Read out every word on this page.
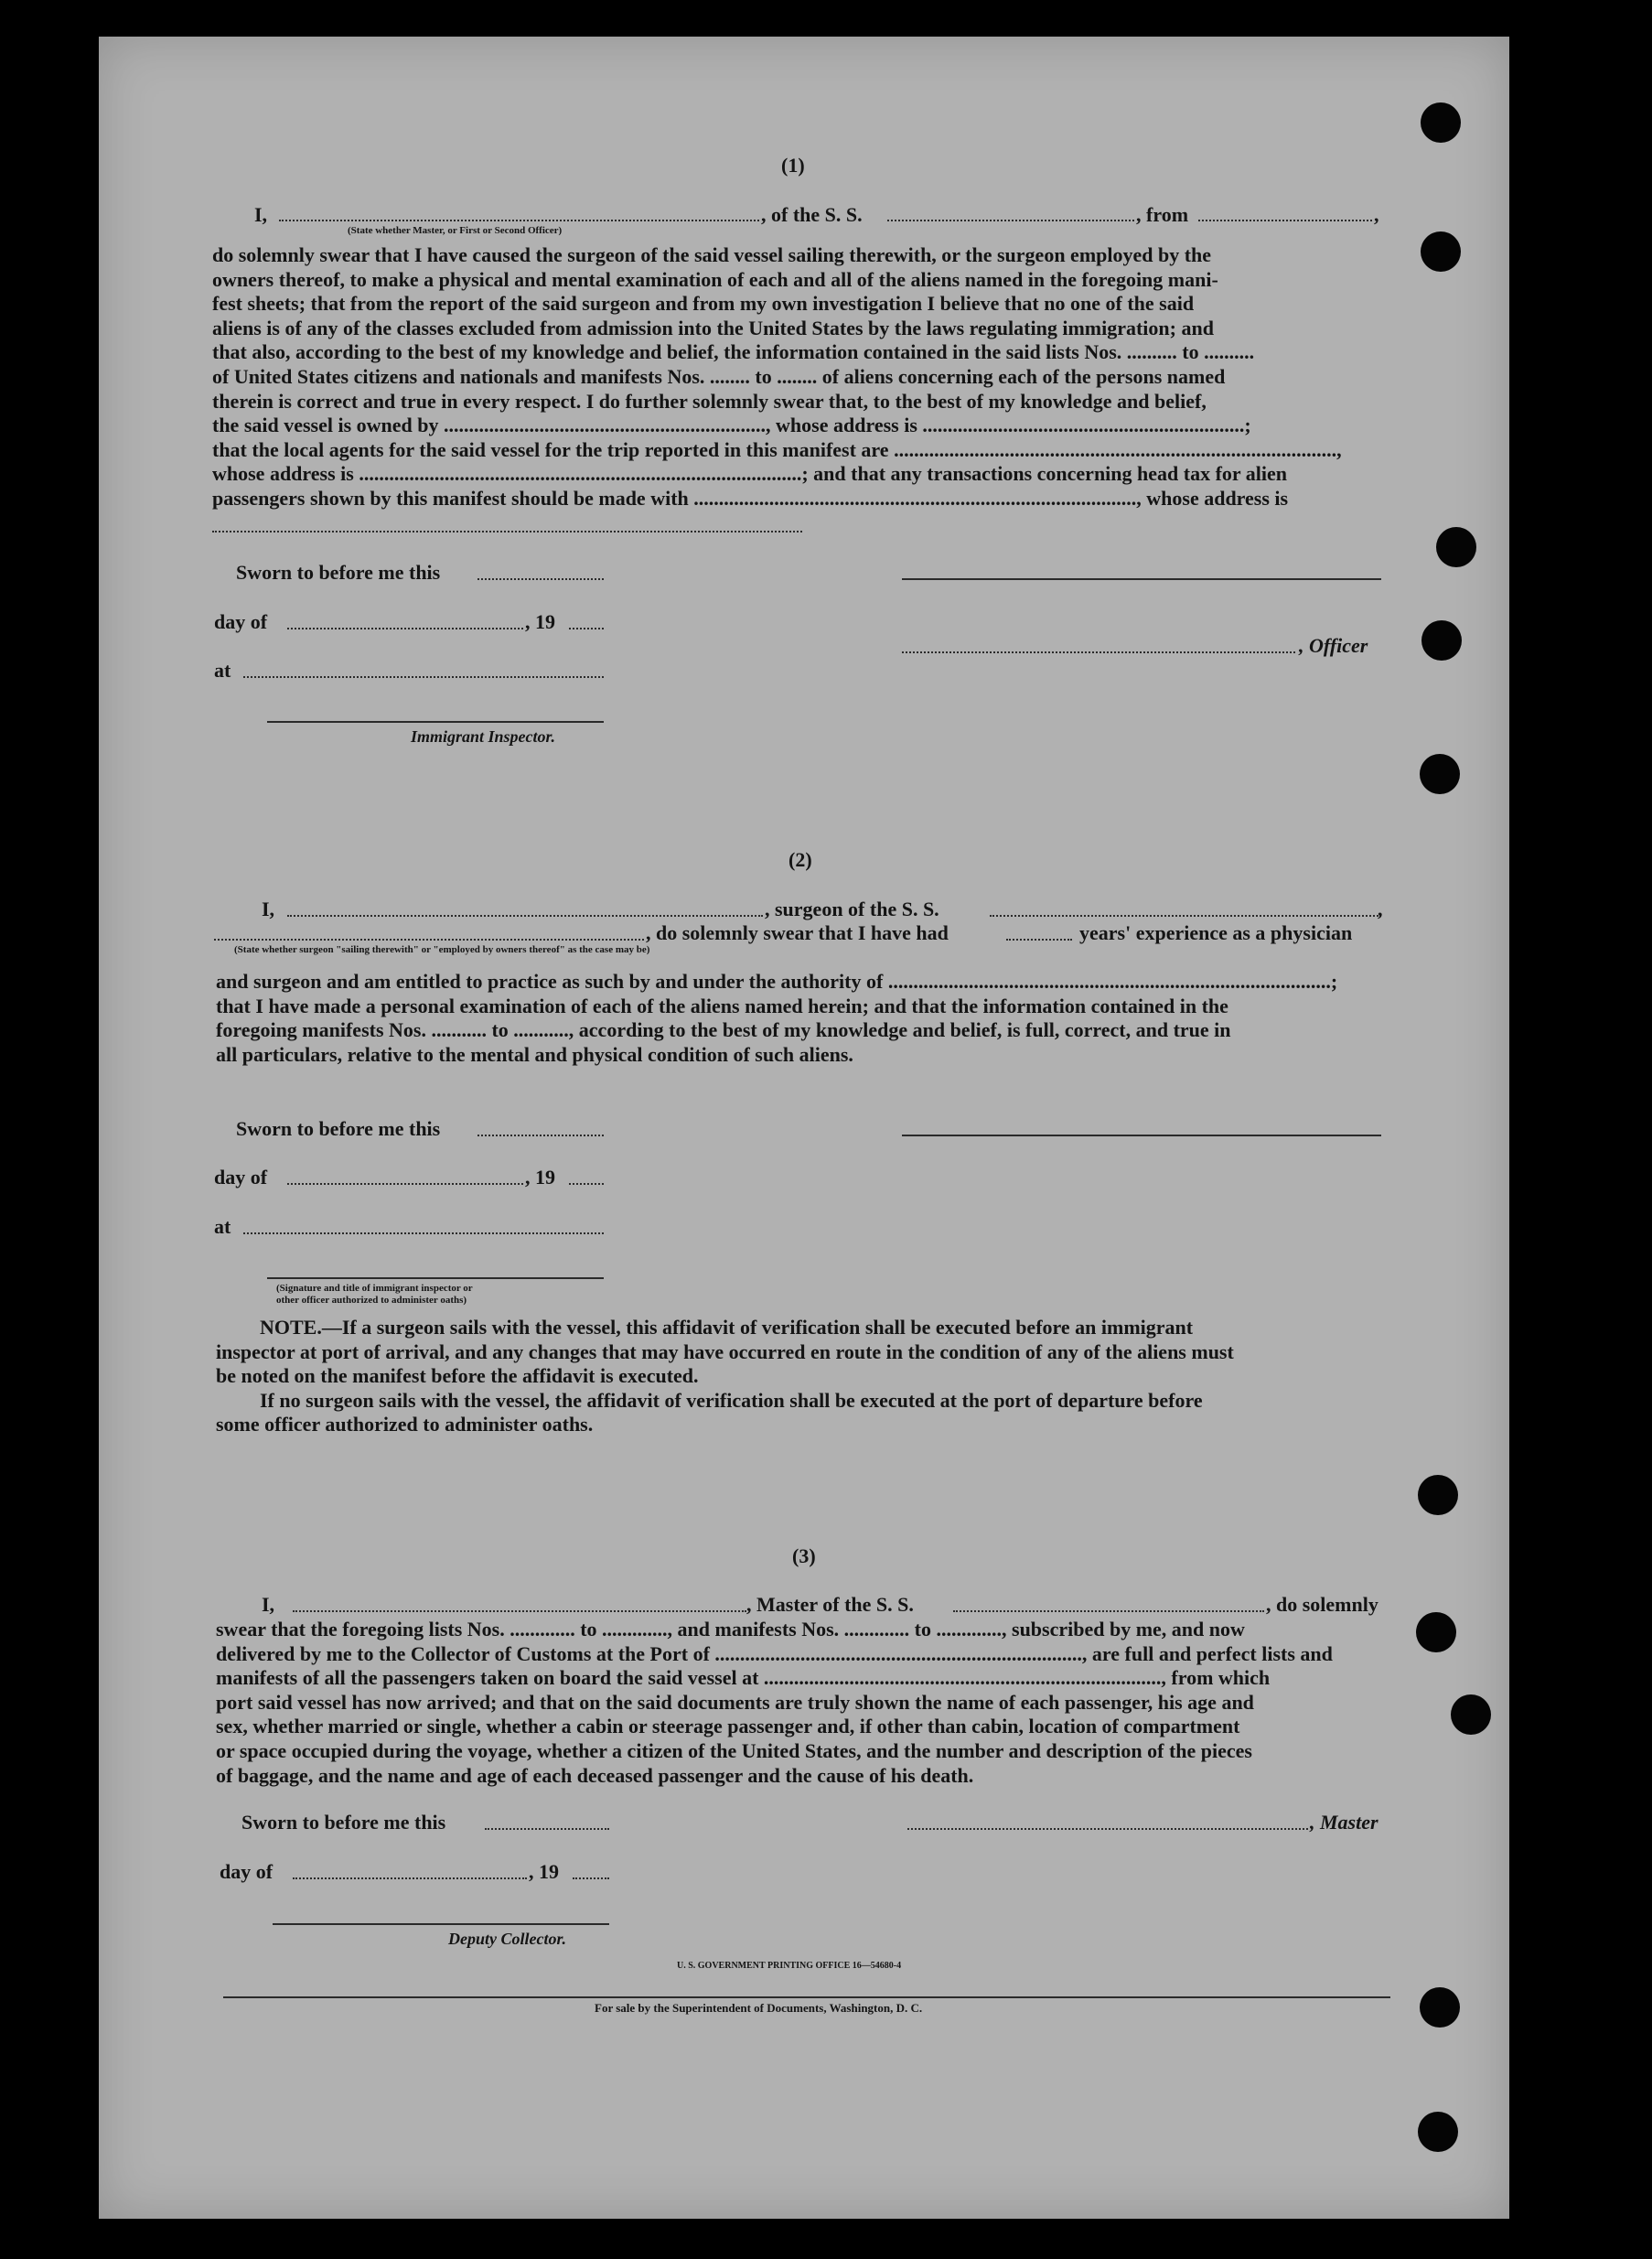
(1)
I,
(State whether Master, or First or Second Officer)
, of the S. S.	, from	,
do solemnly swear that I have caused the surgeon of the said vessel sailing therewith, or the surgeon employed by the
owners thereof, to make a physical and mental examination of each and all of the aliens named in the foregoing mani-
fest sheets; that from the report of the said surgeon and from my own investigation I believe that no one of the said
aliens is of any of the classes excluded from admission into the United States by the laws regulating immigration; and
that also, according to the best of my knowledge and belief, the information contained in the said lists Nos. .......... to ..........
of United States citizens and nationals and manifests Nos. ........ to ........ of aliens concerning each of the persons named
therein is correct and true in every respect. I do further solemnly swear that, to the best of my knowledge and belief,
the said vessel is owned by ................................................................, whose address is ................................................................;
that the local agents for the said vessel for the trip reported in this manifest are ........................................................................................,
whose address is ........................................................................................; and that any transactions concerning head tax for alien
passengers shown by this manifest should be made with ........................................................................................, whose address is
Sworn to before me this
day of	, 19
, Officer
at
Immigrant Inspector.
(2)
I,	, surgeon of the S. S.	,
, do solemnly swear that I have had	years' experience as a physician
(State whether surgeon "sailing therewith" or "employed by owners thereof" as the case may be)
and surgeon and am entitled to practice as such by and under the authority of ........................................................................................;
that I have made a personal examination of each of the aliens named herein; and that the information contained in the
foregoing manifests Nos. ........... to ..........., according to the best of my knowledge and belief, is full, correct, and true in
all particulars, relative to the mental and physical condition of such aliens.
Sworn to before me this
day of	, 19
at
(Signature and title of immigrant inspector or
other officer authorized to administer oaths)
NOTE.—If a surgeon sails with the vessel, this affidavit of verification shall be executed before an immigrant
inspector at port of arrival, and any changes that may have occurred en route in the condition of any of the aliens must
be noted on the manifest before the affidavit is executed.
If no surgeon sails with the vessel, the affidavit of verification shall be executed at the port of departure before
some officer authorized to administer oaths.
(3)
I,	, Master of the S. S.	, do solemnly
swear that the foregoing lists Nos. ............. to ............., and manifests Nos. ............. to ............., subscribed by me, and now
delivered by me to the Collector of Customs at the Port of ........................................................................., are full and perfect lists and
manifests of all the passengers taken on board the said vessel at ..............................................................................., from which
port said vessel has now arrived; and that on the said documents are truly shown the name of each passenger, his age and
sex, whether married or single, whether a cabin or steerage passenger and, if other than cabin, location of compartment
or space occupied during the voyage, whether a citizen of the United States, and the number and description of the pieces
of baggage, and the name and age of each deceased passenger and the cause of his death.
Sworn to before me this	, Master
day of	, 19
Deputy Collector.
U. S. GOVERNMENT PRINTING OFFICE 16—54680-4
For sale by the Superintendent of Documents, Washington, D. C.
